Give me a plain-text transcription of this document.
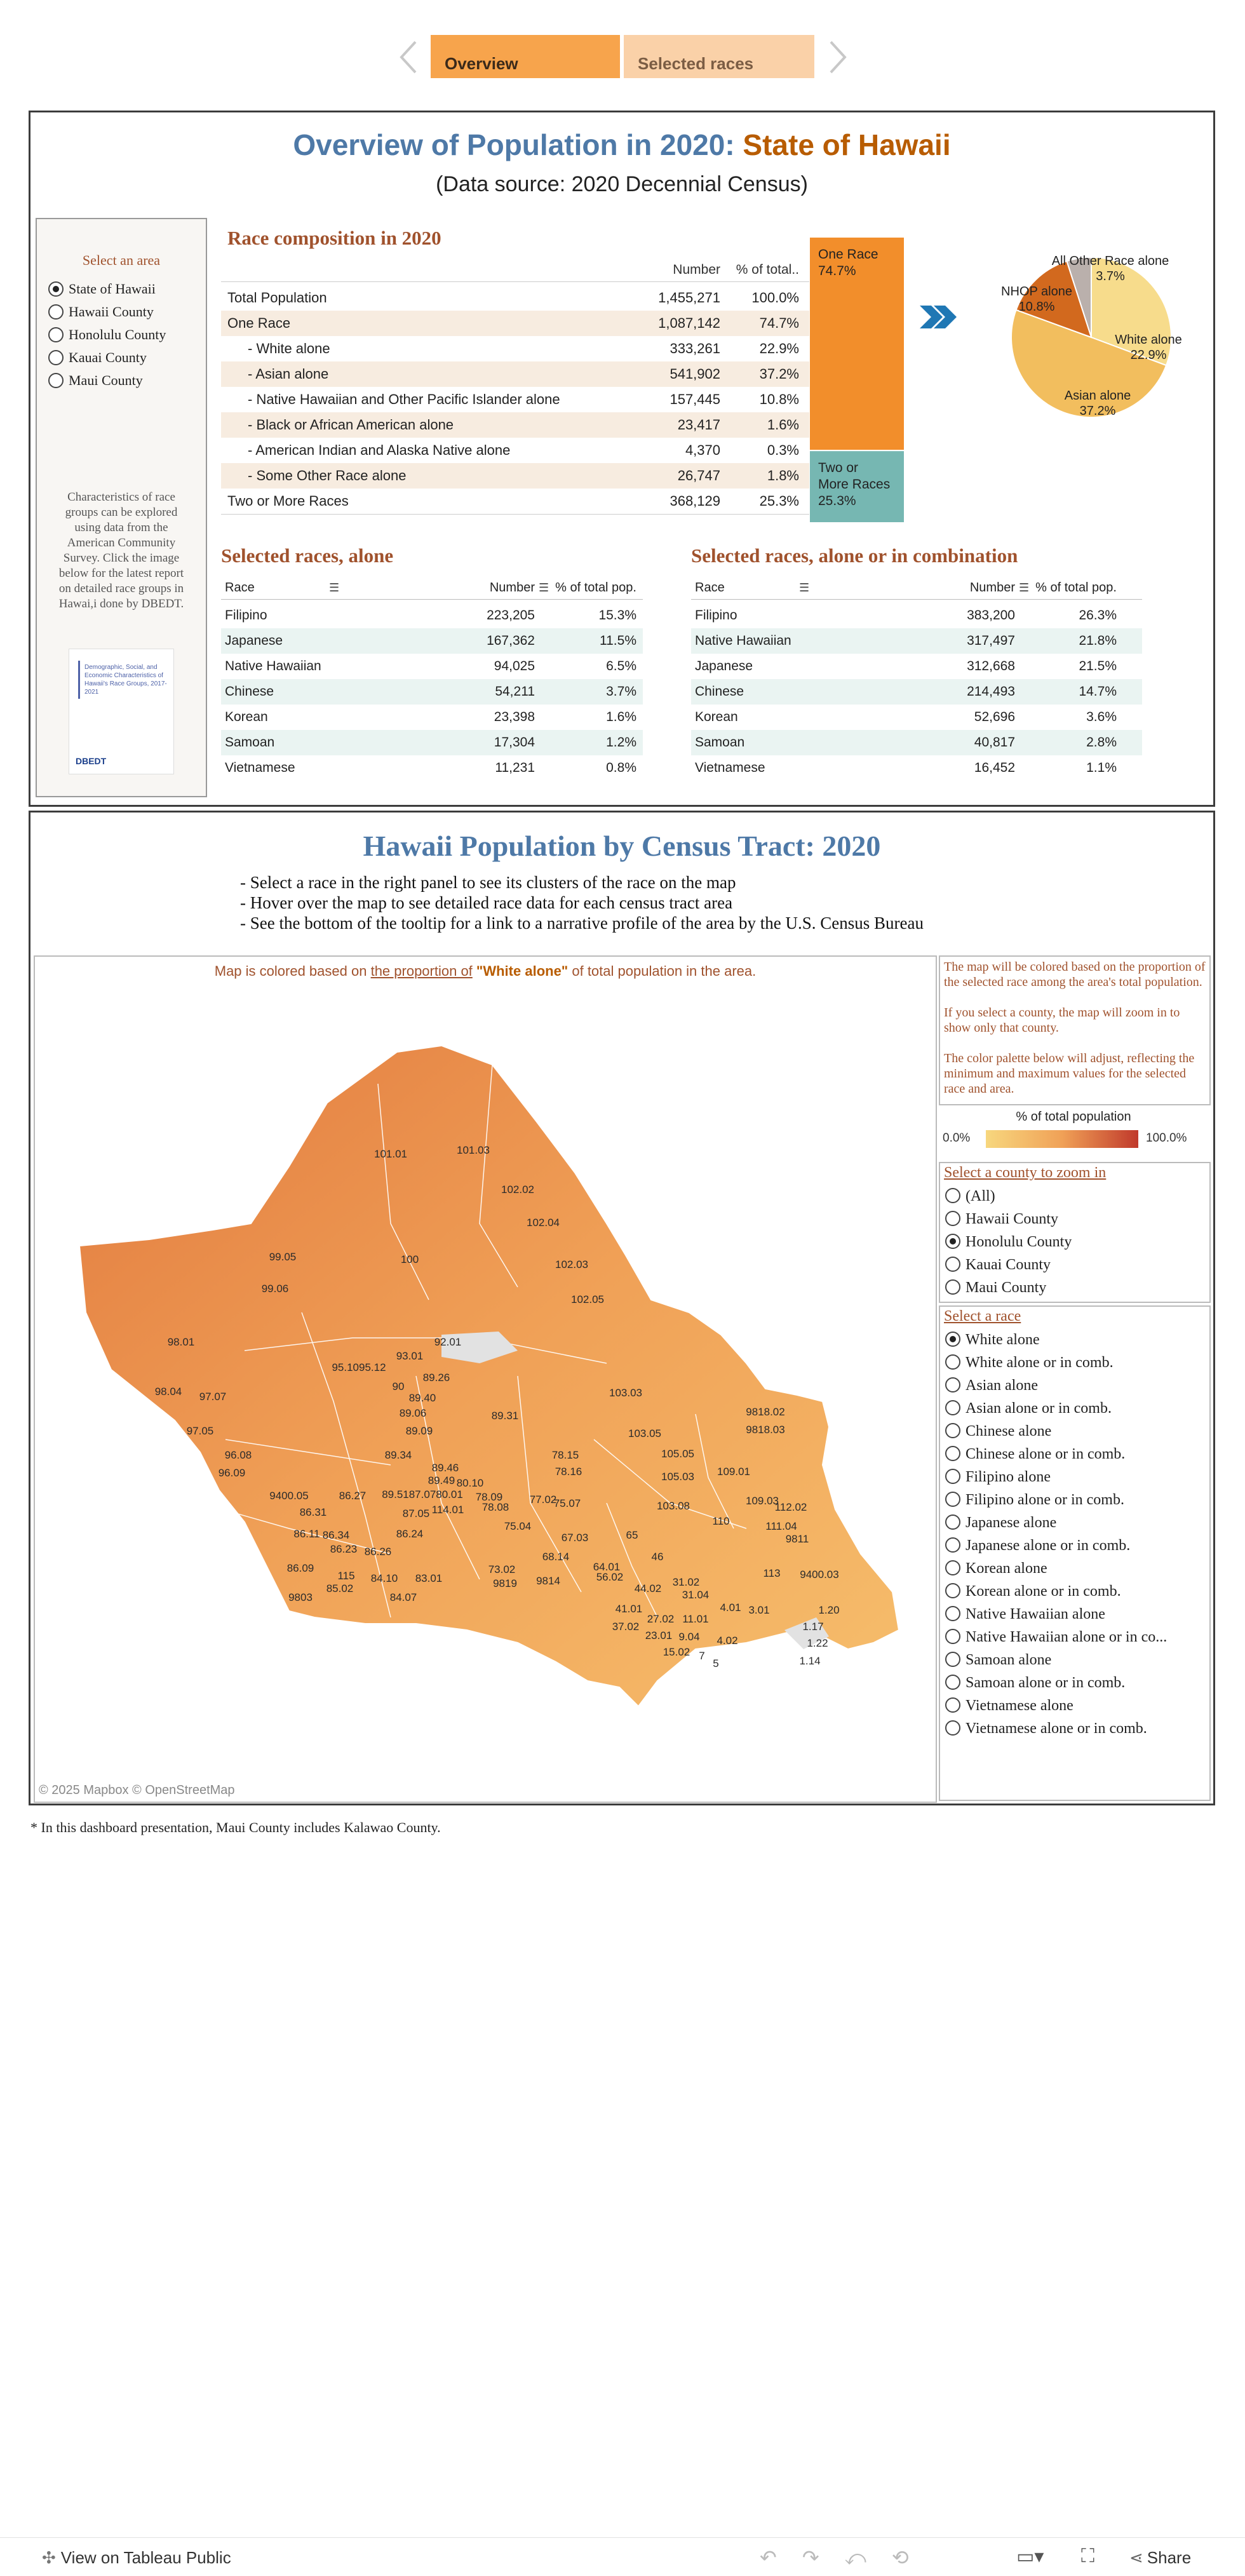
Overview	Selected races
Overview of Population in 2020: State of Hawaii
(Data source: 2020 Decennial Census)
Select an area
State of Hawaii
Hawaii County
Honolulu County
Kauai County
Maui County
Characteristics of race groups can be explored using data from the American Community Survey. Click the image below for the latest report on detailed race groups in Hawai,i done by DBEDT.
Demographic, Social, and Economic Characteristics of Hawaii's Race Groups, 2017-2021
DBEDT
Race composition in 2020
Number	% of total..
Total Population	1,455,271	100.0%
One Race	1,087,142	74.7%
- White alone	333,261	22.9%
- Asian alone	541,902	37.2%
- Native Hawaiian and Other Pacific Islander alone	157,445	10.8%
- Black or African American alone	23,417	1.6%
- American Indian and Alaska Native alone	4,370	0.3%
- Some Other Race alone	26,747	1.8%
Two or More Races	368,129	25.3%
One Race
74.7%
Two or
More Races
25.3%
All Other Race alone
3.7%
White alone
22.9%
Asian alone
37.2%
NHOP alone
10.8%
Selected races, alone
Race	☰	Number ☰ % of total pop.
Filipino	223,205	15.3%
Japanese	167,362	11.5%
Native Hawaiian	94,025	6.5%
Chinese	54,211	3.7%
Korean	23,398	1.6%
Samoan	17,304	1.2%
Vietnamese	11,231	0.8%
Selected races, alone or in combination
Race	☰	Number ☰ % of total pop.
Filipino	383,200	26.3%
Native Hawaiian	317,497	21.8%
Japanese	312,668	21.5%
Chinese	214,493	14.7%
Korean	52,696	3.6%
Samoan	40,817	2.8%
Vietnamese	16,452	1.1%
Hawaii Population by Census Tract: 2020
- Select a race in the right panel to see its clusters of the race on the map
- Hover over the map to see detailed race data for each census tract area
- See the bottom of the tooltip for a link to a narrative profile of the area by the U.S. Census Bureau
Map is colored based on the proportion of "White alone" of total population in the area.
101.01	101.03
102.02
102.04
100	102.03
99.05
99.06
102.05
98.01
93.01
92.01
95.1095.12
89.26
90
98.04 97.07	89.40
89.06	89.31
103.03
89.09
97.05	103.05
9818.02
96.08	89.34
9818.03
78.15	105.05
89.46
96.09
89.49 80.10
78.16	109.01
105.03
9400.05	86.27 89.5187.0780.01 78.09 77.02	109.03
114.01 78.08	75.07	103.08	112.02
87.05
86.31
110	111.04
75.04
86.11 86.34	86.24	67.03	65	9811
86.23 86.26	68.14	46
113
86.09	73.02
115
64.01
9400.03
84.10 83.01	9819 9814	56.02	31.02
85.02	44.02
31.04
9803	84.07
41.01	4.01 3.01	1.20
27.02 11.01
37.02	1.17
23.01 9.04 4.02	1.22
15.02 7
5	1.14
© 2025 Mapbox © OpenStreetMap
The map will be colored based on the proportion of the selected race among the area's total population.
If you select a county, the map will zoom in to show only that county.
The color palette below will adjust, reflecting the minimum and maximum values for the selected race and area.
% of total population
0.0%	100.0%
Select a county to zoom in
(All)
Hawaii County
Honolulu County
Kauai County
Maui County
Select a race
White alone
White alone or in comb.
Asian alone
Asian alone or in comb.
Chinese alone
Chinese alone or in comb.
Filipino alone
Filipino alone or in comb.
Japanese alone
Japanese alone or in comb.
Korean alone
Korean alone or in comb.
Native Hawaiian alone
Native Hawaiian alone or in co...
Samoan alone
Samoan alone or in comb.
Vietnamese alone
Vietnamese alone or in comb.
* In this dashboard presentation, Maui County includes Kalawao County.
✣ View on Tableau Public	↶↷⤺⟲	▭▾ ⛶ ⋖ Share
